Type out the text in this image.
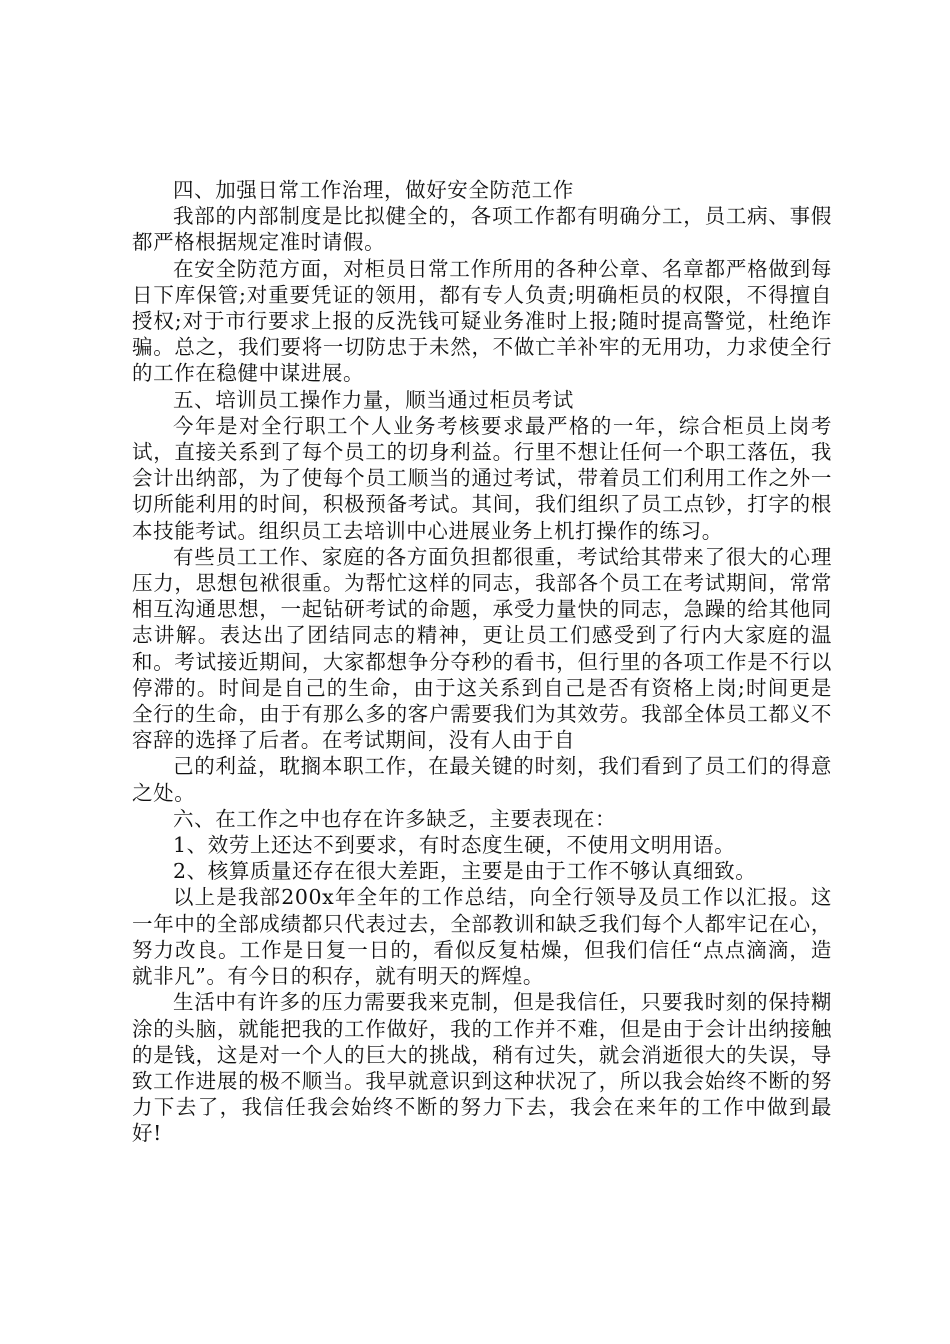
四、加强日常工作治理，做好安全防范工作

我部的内部制度是比拟健全的，各项工作都有明确分工，员工病、事假都严格根据规定准时请假。

在安全防范方面，对柜员日常工作所用的各种公章、名章都严格做到每日下库保管;对重要凭证的领用，都有专人负责;明确柜员的权限，不得擅自授权;对于市行要求上报的反洗钱可疑业务准时上报;随时提高警觉，杜绝诈骗。总之，我们要将一切防忠于未然，不做亡羊补牢的无用功，力求使全行的工作在稳健中谋进展。

五、培训员工操作力量，顺当通过柜员考试

今年是对全行职工个人业务考核要求最严格的一年，综合柜员上岗考试，直接关系到了每个员工的切身利益。行里不想让任何一个职工落伍，我会计出纳部，为了使每个员工顺当的通过考试，带着员工们利用工作之外一切所能利用的时间，积极预备考试。其间，我们组织了员工点钞，打字的根本技能考试。组织员工去培训中心进展业务上机打操作的练习。

有些员工工作、家庭的各方面负担都很重，考试给其带来了很大的心理压力，思想包袱很重。为帮忙这样的同志，我部各个员工在考试期间，常常相互沟通思想，一起钻研考试的命题，承受力量快的同志，急躁的给其他同志讲解。表达出了团结同志的精神，更让员工们感受到了行内大家庭的温和。考试接近期间，大家都想争分夺秒的看书，但行里的各项工作是不行以停滞的。时间是自己的生命，由于这关系到自己是否有资格上岗;时间更是全行的生命，由于有那么多的客户需要我们为其效劳。我部全体员工都义不容辞的选择了后者。在考试期间，没有人由于自

己的利益，耽搁本职工作，在最关键的时刻，我们看到了员工们的得意之处。

六、在工作之中也存在许多缺乏，主要表现在：

1、效劳上还达不到要求，有时态度生硬，不使用文明用语。

2、核算质量还存在很大差距，主要是由于工作不够认真细致。

以上是我部200x年全年的工作总结，向全行领导及员工作以汇报。这一年中的全部成绩都只代表过去，全部教训和缺乏我们每个人都牢记在心，努力改良。工作是日复一日的，看似反复枯燥，但我们信任“点点滴滴，造就非凡”。有今日的积存，就有明天的辉煌。

生活中有许多的压力需要我来克制，但是我信任，只要我时刻的保持糊涂的头脑，就能把我的工作做好，我的工作并不难，但是由于会计出纳接触的是钱，这是对一个人的巨大的挑战，稍有过失，就会消逝很大的失误，导致工作进展的极不顺当。我早就意识到这种状况了，所以我会始终不断的努力下去了，我信任我会始终不断的努力下去，我会在来年的工作中做到最好!
